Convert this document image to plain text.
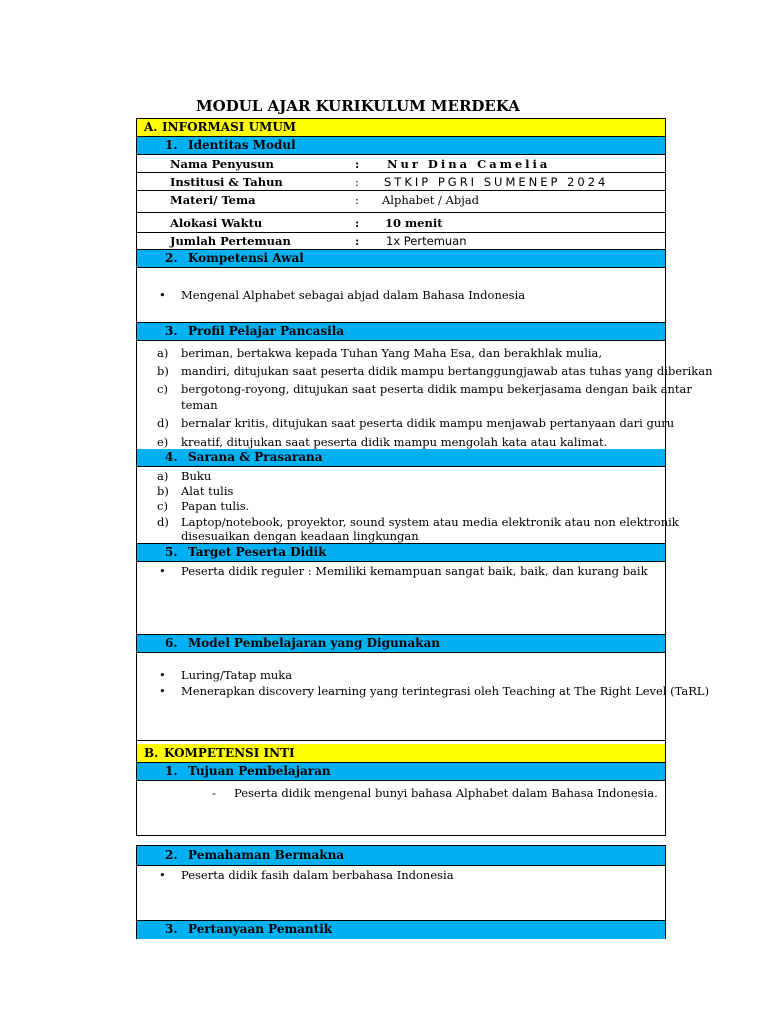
MODUL AJAR KURIKULUM MERDEKA
A. INFORMASI UMUM
1. Identitas Modul
Nama Penyusun	: Nur Dina Camelia
Institusi & Tahun	: STKIP PGRI SUMENEP 2024
Materi/ Tema	: Alphabet / Abjad
Alokasi Waktu	: 10 menit
Jumlah Pertemuan	: 1x Pertemuan
2. Kompetensi Awal
• Mengenal Alphabet sebagai abjad dalam Bahasa Indonesia
3. Profil Pelajar Pancasila
a) beriman, bertakwa kepada Tuhan Yang Maha Esa, dan berakhlak mulia,
b) mandiri, ditujukan saat peserta didik mampu bertanggungjawab atas tuhas yang diberikan
c) bergotong-royong, ditujukan saat peserta didik mampu bekerjasama dengan baik antar
teman
d) bernalar kritis, ditujukan saat peserta didik mampu menjawab pertanyaan dari guru
e) kreatif, ditujukan saat peserta didik mampu mengolah kata atau kalimat.
4. Sarana & Prasarana
a) Buku
b) Alat tulis
c) Papan tulis.
d) Laptop/notebook, proyektor, sound system atau media elektronik atau non elektronik
disesuaikan dengan keadaan lingkungan
5. Target Peserta Didik
• Peserta didik reguler : Memiliki kemampuan sangat baik, baik, dan kurang baik
6. Model Pembelajaran yang Digunakan
• Luring/Tatap muka
• Menerapkan discovery learning yang terintegrasi oleh Teaching at The Right Level (TaRL)
B. KOMPETENSI INTI
1. Tujuan Pembelajaran
- Peserta didik mengenal bunyi bahasa Alphabet dalam Bahasa Indonesia.
2. Pemahaman Bermakna
• Peserta didik fasih dalam berbahasa Indonesia
3. Pertanyaan Pemantik
